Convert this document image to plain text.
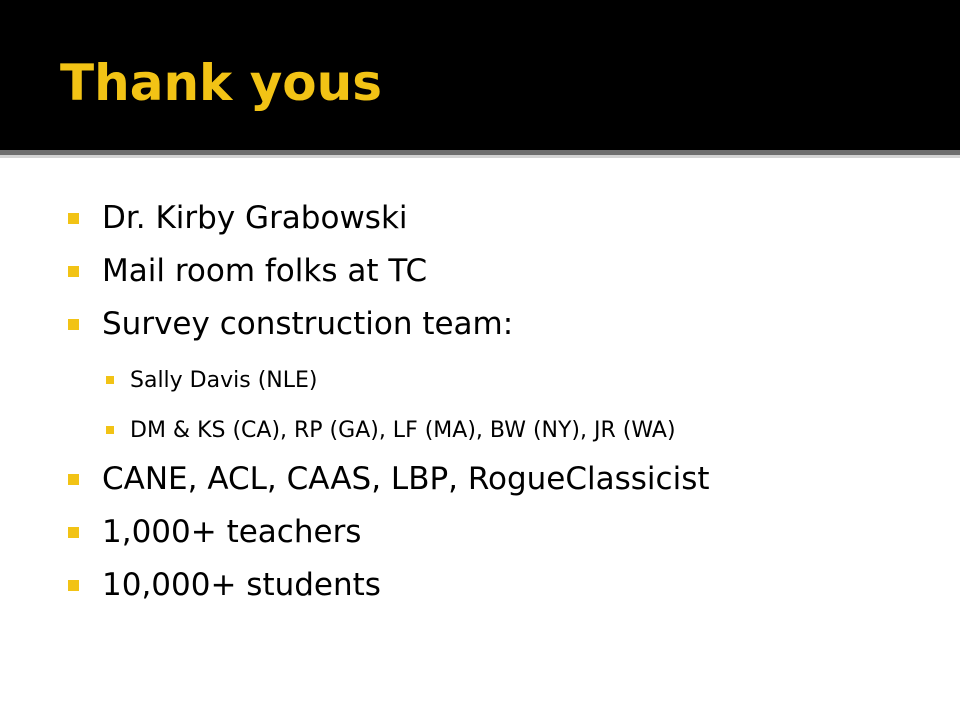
Thank yous
Dr. Kirby Grabowski
Mail room folks at TC
Survey construction team:
Sally Davis (NLE)
DM & KS (CA), RP (GA), LF (MA), BW (NY), JR (WA)
CANE, ACL, CAAS, LBP, RogueClassicist
1,000+ teachers
10,000+ students
